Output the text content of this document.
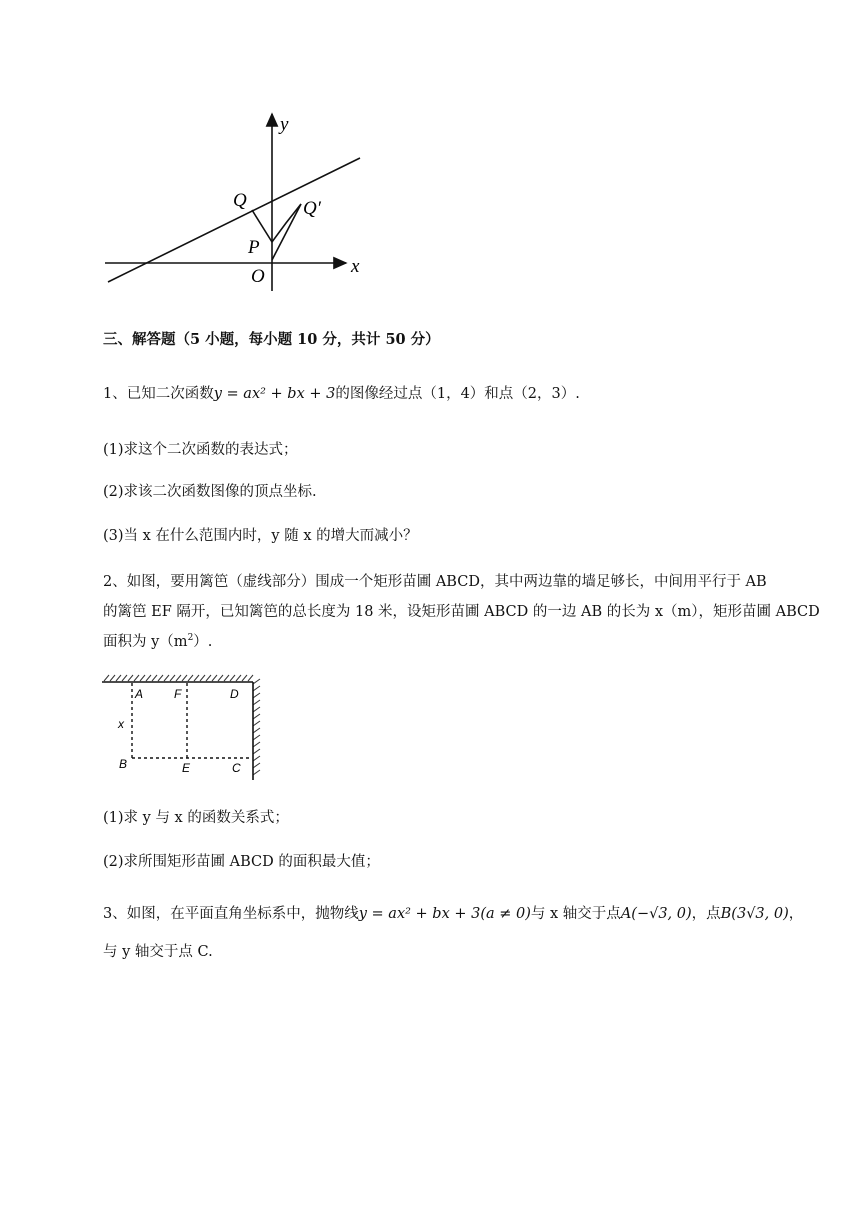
y
x
Q	Q′
P
O
三、解答题（5 小题，每小题 10 分，共计 50 分）
1、已知二次函数y = ax² + bx + 3的图像经过点（1，4）和点（2，3）.
(1)求这个二次函数的表达式；
(2)求该二次函数图像的顶点坐标.
(3)当 x 在什么范围内时，y 随 x 的增大而减小？
2、如图，要用篱笆（虚线部分）围成一个矩形苗圃 ABCD，其中两边靠的墙足够长，中间用平行于 AB
的篱笆 EF 隔开，已知篱笆的总长度为 18 米，设矩形苗圃 ABCD 的一边 AB 的长为 x（m），矩形苗圃 ABCD
面积为 $y(m^2)$.
A	F	D
x
B	E	C
(1)求 y 与 x 的函数关系式；
(2)求所围矩形苗圃 ABCD 的面积最大值；
3、如图，在平面直角坐标系中，抛物线y = ax² + bx + 3(a ≠ 0)与 x 轴交于点A(−√3, 0)，点B(3√3, 0)，
与 y 轴交于点 C.
